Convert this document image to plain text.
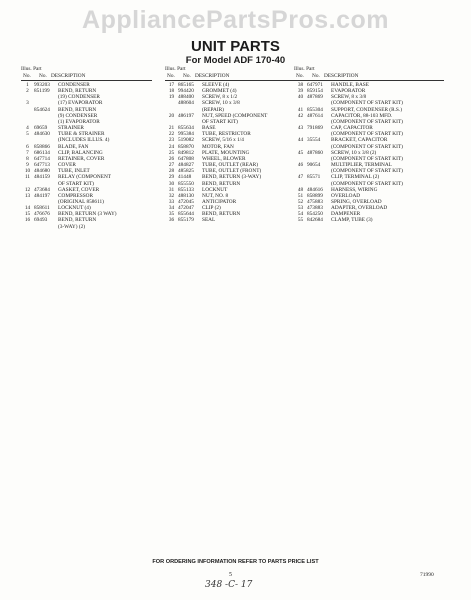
AppliancePartsPros.com
UNIT PARTS
For Model ADF 170-40
Illus. Part
No. No. DESCRIPTION
1 993203	CONDENSER
2 851199	BEND, RETURN
(19) CONDENSER
3	(17) EVAPORATOR
854624	BEND, RETURN
(9) CONDENSER
(1) EVAPORATOR
4 69659	STRAINER
5 484630	TUBE & STRAINER
(INCLUDES ILLUS. 4)
6 858866	BLADE, FAN
7 686134	CLIP, BALANCING
8 647714	RETAINER, COVER
9 647713	COVER
10 484680	TUBE, INLET
11 484159	RELAY (COMPONENT
OF START KIT)
12 473684	GASKET, COVER
13 484197	COMPRESSOR
(ORIGINAL 858611)
14 858611	LOCKNUT (4)
15 476676	BEND, RETURN (3 WAY)
16 69493	BEND, RETURN
(3-WAY) (2)
Illus. Part
No. No. DESCRIPTION
17 865165	SLEEVE (4)
18 994420	GROMMET (4)
19 488400	SCREW, 8 x 1/2
488604	SCREW, 10 x 3/8
(REPAIR)
20 486197	NUT, SPEED (COMPONENT
OF START KIT)
21 855634	BASE
22 995384	TUBE, RESTRICTOR
23 519082	SCREW, 5/16 x 1/4
24 858870	MOTOR, FAN
25 849812	PLATE, MOUNTING
26 647808	WHEEL, BLOWER
27 484827	TUBE, OUTLET (REAR)
28 485825	TUBE, OUTLET (FRONT)
29 41448	BEND, RETURN (3-WAY)
30 855550	BEND, RETURN
31 855133	LOCKNUT
32 488130	NUT, NO. 8
33 472045	ANTICIPATOR
34 472047	CLIP (2)
35 855644	BEND, RETURN
36 855179	SEAL
Illus. Part
No. No. DESCRIPTION
38 647971	HANDLE, BASE
39 859154	EVAPORATOR
40 487869	SCREW, 8 x 3/8
(COMPONENT OF START KIT)
41 855304	SUPPORT, CONDENSER (R.S.)
42 487614	CAPACITOR, 88-103 MFD.
(COMPONENT OF START KIT)
43 791869	CAP, CAPACITOR
(COMPONENT OF START KIT)
44 35554	BRACKET, CAPACITOR
(COMPONENT OF START KIT)
45 487860	SCREW, 10 x 3/8 (2)
(COMPONENT OF START KIT)
46 90654	MULTIPLIER, TERMINAL
(COMPONENT OF START KIT)
47 85571	CLIP, TERMINAL (2)
(COMPONENT OF START KIT)
48 484616	HARNESS, WIRING
51 858899	OVERLOAD
52 475883	SPRING, OVERLOAD
53 473883	ADAPTER, OVERLOAD
54 854250	DAMPENER
55 842684	CLAMP, TUBE (3)
FOR ORDERING INFORMATION REFER TO PARTS PRICE LIST
5	71990
348 -C- 17
